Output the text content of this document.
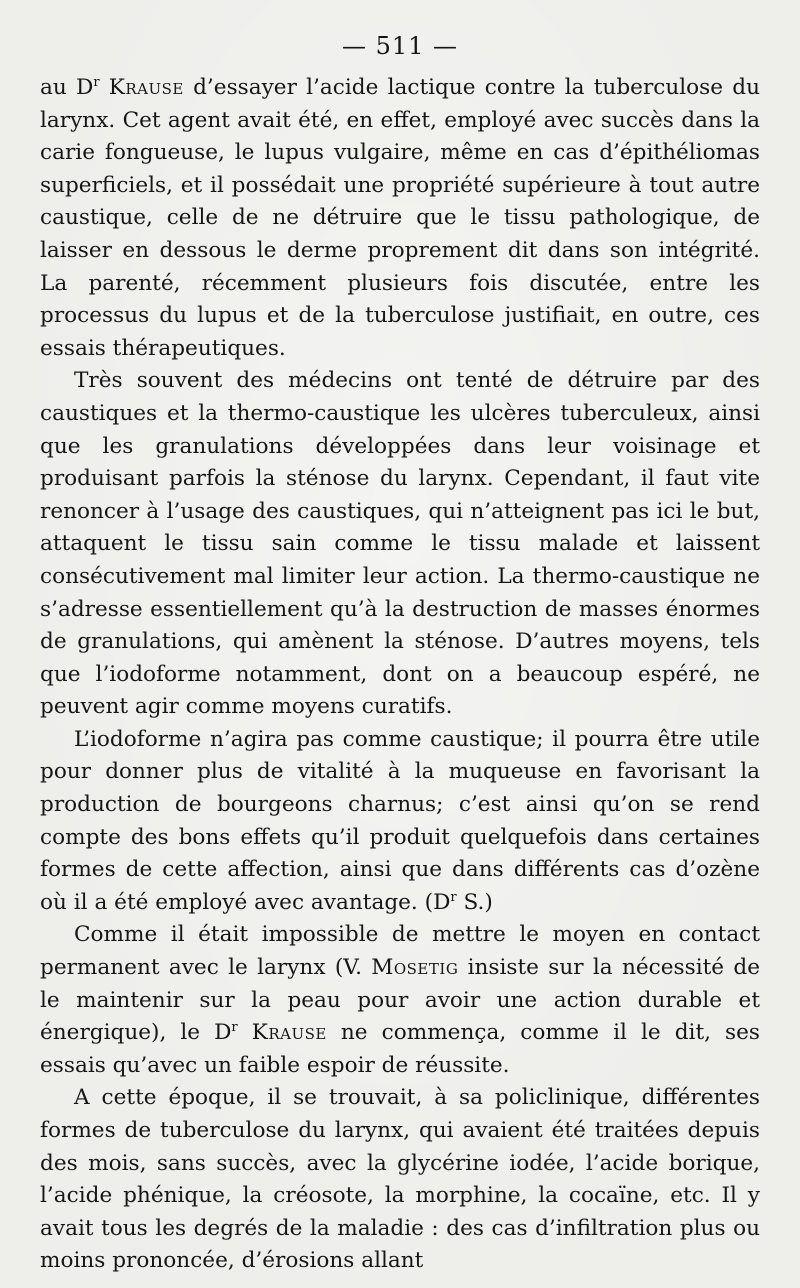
— 511 —

au $D^r$ Krause d’essayer l’acide lactique contre la tuberculose du larynx. Cet agent avait été, en effet, employé avec succès dans la carie fongueuse, le lupus vulgaire, même en cas d’épithéliomas superficiels, et il possédait une propriété supérieure à tout autre caustique, celle de ne détruire que le tissu pathologique, de laisser en dessous le derme proprement dit dans son intégrité. La parenté, récemment plusieurs fois discutée, entre les processus du lupus et de la tuberculose justifiait, en outre, ces essais thérapeutiques.

Très souvent des médecins ont tenté de détruire par des caustiques et la thermo-caustique les ulcères tuberculeux, ainsi que les granulations développées dans leur voisinage et produisant parfois la sténose du larynx. Cependant, il faut vite renoncer à l’usage des caustiques, qui n’atteignent pas ici le but, attaquent le tissu sain comme le tissu malade et laissent consécutivement mal limiter leur action. La thermo-caustique ne s’adresse essentiellement qu’à la destruction de masses énormes de granulations, qui amènent la sténose. D’autres moyens, tels que l’iodoforme notamment, dont on a beaucoup espéré, ne peuvent agir comme moyens curatifs.

L’iodoforme n’agira pas comme caustique; il pourra être utile pour donner plus de vitalité à la muqueuse en favorisant la production de bourgeons charnus; c’est ainsi qu’on se rend compte des bons effets qu’il produit quelquefois dans certaines formes de cette affection, ainsi que dans différents cas d’ozène où il a été employé avec avantage. ($D^r$ S.)

Comme il était impossible de mettre le moyen en contact permanent avec le larynx (V. Mosetig insiste sur la nécessité de le maintenir sur la peau pour avoir une action durable et énergique), le $D^r$ Krause ne commença, comme il le dit, ses essais qu’avec un faible espoir de réussite.

A cette époque, il se trouvait, à sa policlinique, différentes formes de tuberculose du larynx, qui avaient été traitées depuis des mois, sans succès, avec la glycérine iodée, l’acide borique, l’acide phénique, la créosote, la morphine, la cocaïne, etc. Il y avait tous les degrés de la maladie : des cas d’infiltration plus ou moins prononcée, d’érosions allant
